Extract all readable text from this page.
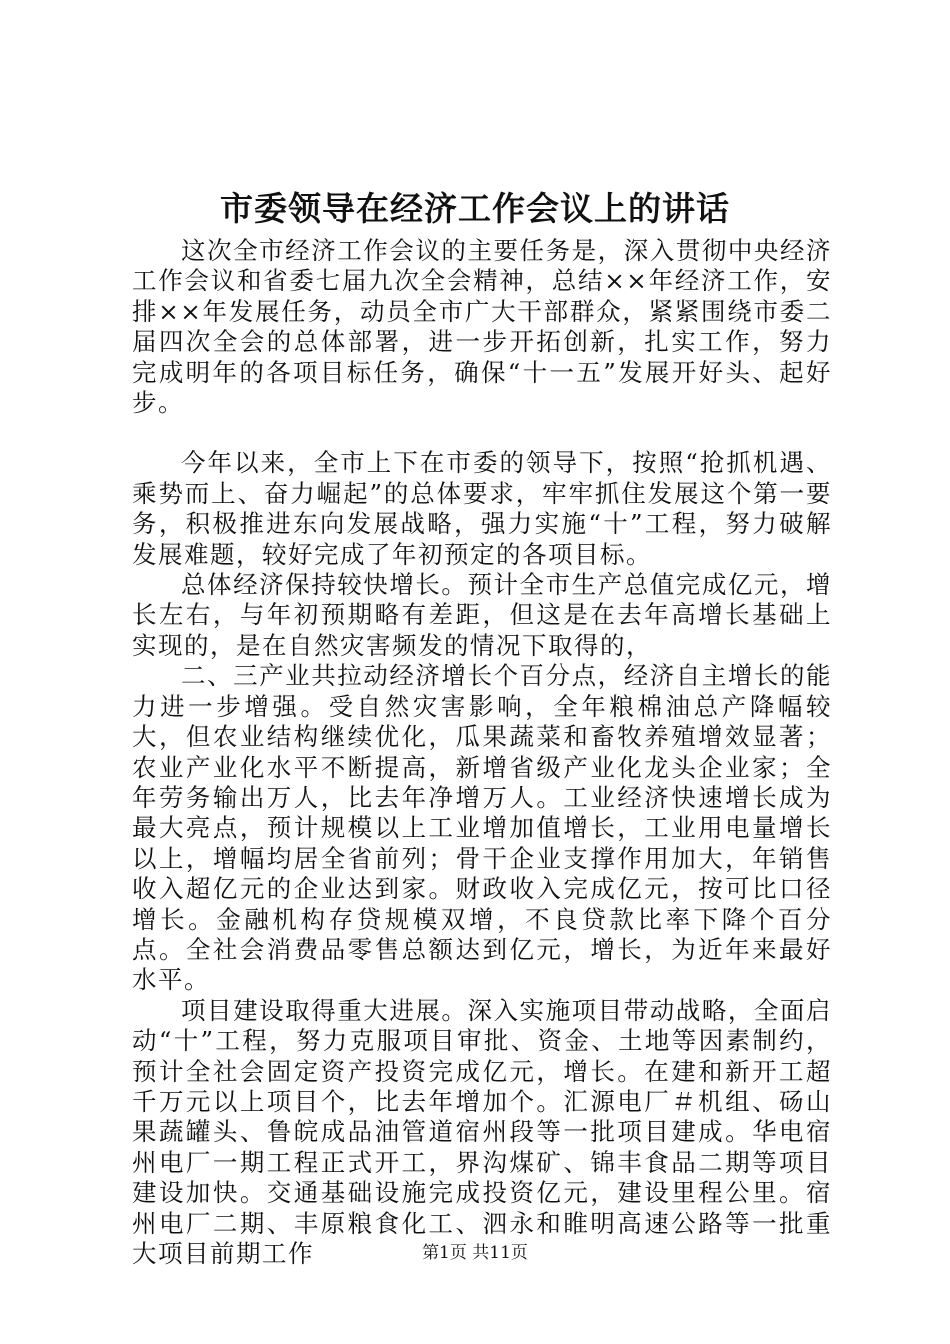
市委领导在经济工作会议上的讲话

这次全市经济工作会议的主要任务是，深入贯彻中央经济工作会议和省委七届九次全会精神，总结××年经济工作，安排××年发展任务，动员全市广大干部群众，紧紧围绕市委二届四次全会的总体部署，进一步开拓创新，扎实工作，努力完成明年的各项目标任务，确保“十一五”发展开好头、起好步。

今年以来，全市上下在市委的领导下，按照“抢抓机遇、乘势而上、奋力崛起”的总体要求，牢牢抓住发展这个第一要务，积极推进东向发展战略，强力实施“十”工程，努力破解发展难题，较好完成了年初预定的各项目标。

总体经济保持较快增长。预计全市生产总值完成亿元，增长左右，与年初预期略有差距，但这是在去年高增长基础上实现的，是在自然灾害频发的情况下取得的，

二、三产业共拉动经济增长个百分点，经济自主增长的能力进一步增强。受自然灾害影响，全年粮棉油总产降幅较大，但农业结构继续优化，瓜果蔬菜和畜牧养殖增效显著；农业产业化水平不断提高，新增省级产业化龙头企业家；全年劳务输出万人，比去年净增万人。工业经济快速增长成为最大亮点，预计规模以上工业增加值增长，工业用电量增长以上，增幅均居全省前列；骨干企业支撑作用加大，年销售收入超亿元的企业达到家。财政收入完成亿元，按可比口径增长。金融机构存贷规模双增，不良贷款比率下降个百分点。全社会消费品零售总额达到亿元，增长，为近年来最好水平。

项目建设取得重大进展。深入实施项目带动战略，全面启动“十”工程，努力克服项目审批、资金、土地等因素制约，预计全社会固定资产投资完成亿元，增长。在建和新开工超千万元以上项目个，比去年增加个。汇源电厂＃机组、砀山果蔬罐头、鲁皖成品油管道宿州段等一批项目建成。华电宿州电厂一期工程正式开工，界沟煤矿、锦丰食品二期等项目建设加快。交通基础设施完成投资亿元，建设里程公里。宿州电厂二期、丰原粮食化工、泗永和睢明高速公路等一批重大项目前期工作	第1页 共11页
